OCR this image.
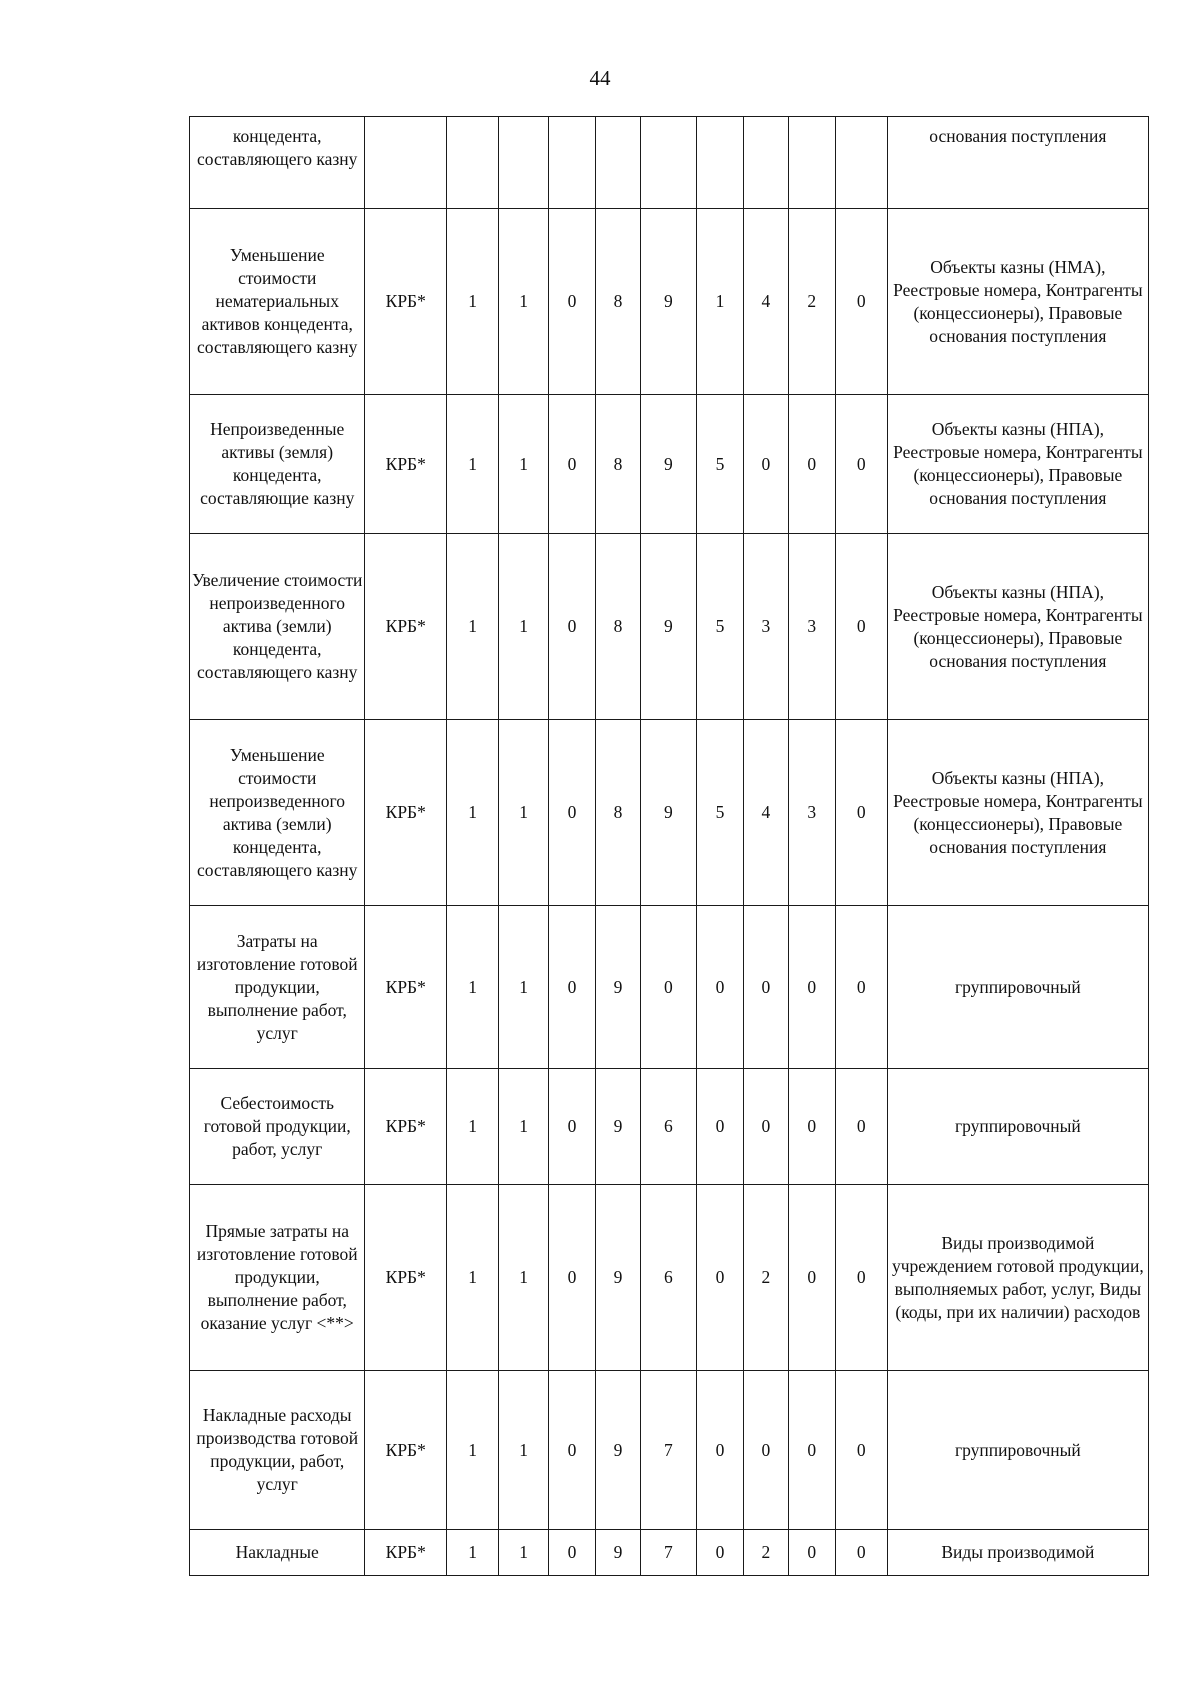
44
концедента, составляющего казну											основания поступления
Уменьшение стоимости нематериальных активов концедента, составляющего казну	КРБ*	1	1	0	8	9	1	4	2	0	Объекты казны (НМА), Реестровые номера, Контрагенты (концессионеры), Правовые основания поступления
Непроизведенные активы (земля) концедента, составляющие казну	КРБ*	1	1	0	8	9	5	0	0	0	Объекты казны (НПА), Реестровые номера, Контрагенты (концессионеры), Правовые основания поступления
Увеличение стоимости непроизведенного актива (земли) концедента, составляющего казну	КРБ*	1	1	0	8	9	5	3	3	0	Объекты казны (НПА), Реестровые номера, Контрагенты (концессионеры), Правовые основания поступления
Уменьшение стоимости непроизведенного актива (земли) концедента, составляющего казну	КРБ*	1	1	0	8	9	5	4	3	0	Объекты казны (НПА), Реестровые номера, Контрагенты (концессионеры), Правовые основания поступления
Затраты на изготовление готовой продукции, выполнение работ, услуг	КРБ*	1	1	0	9	0	0	0	0	0	группировочный
Себестоимость готовой продукции, работ, услуг	КРБ*	1	1	0	9	6	0	0	0	0	группировочный
Прямые затраты на изготовление готовой продукции, выполнение работ, оказание услуг <**>	КРБ*	1	1	0	9	6	0	2	0	0	Виды производимой учреждением готовой продукции, выполняемых работ, услуг, Виды (коды, при их наличии) расходов
Накладные расходы производства готовой продукции, работ, услуг	КРБ*	1	1	0	9	7	0	0	0	0	группировочный
Накладные	КРБ*	1	1	0	9	7	0	2	0	0	Виды производимой
